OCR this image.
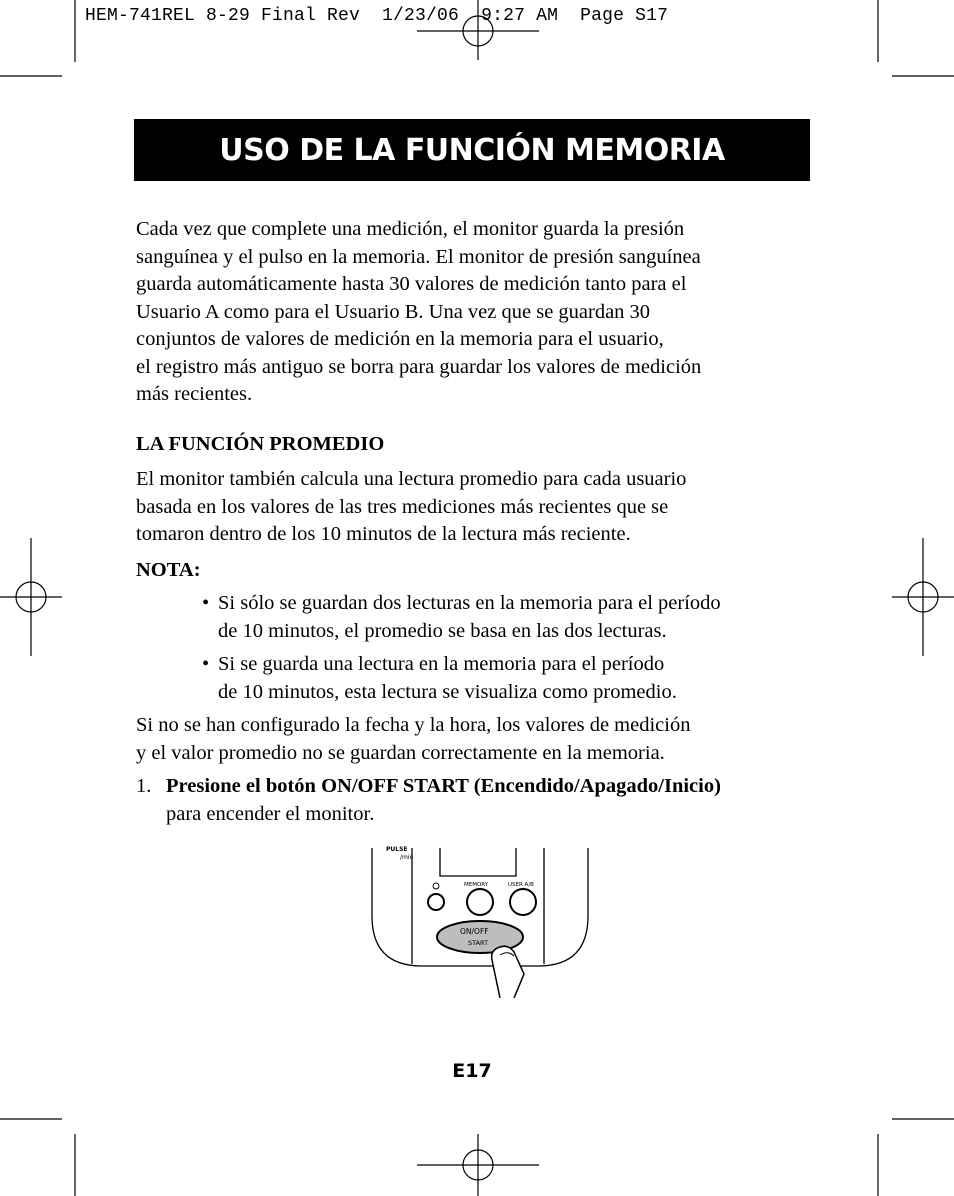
HEM-741REL 8-29 Final Rev  1/23/06  9:27 AM  Page S17
USO DE LA FUNCIÓN MEMORIA

Cada vez que complete una medición, el monitor guarda la presión
sanguínea y el pulso en la memoria. El monitor de presión sanguínea
guarda automáticamente hasta 30 valores de medición tanto para el
Usuario A como para el Usuario B. Una vez que se guardan 30
conjuntos de valores de medición en la memoria para el usuario,
el registro más antiguo se borra para guardar los valores de medición
más recientes.

LA FUNCIÓN PROMEDIO

El monitor también calcula una lectura promedio para cada usuario
basada en los valores de las tres mediciones más recientes que se
tomaron dentro de los 10 minutos de la lectura más reciente.

NOTA:

• Si sólo se guardan dos lecturas en la memoria para el período
de 10 minutos, el promedio se basa en las dos lecturas.

• Si se guarda una lectura en la memoria para el período
de 10 minutos, esta lectura se visualiza como promedio.

Si no se han configurado la fecha y la hora, los valores de medición
y el valor promedio no se guardan correctamente en la memoria.

1. Presione el botón ON/OFF START (Encendido/Apagado/Inicio)
para encender el monitor.

PULSE
/min
MEMORY	USER A/B
ON/OFF
START
E17
